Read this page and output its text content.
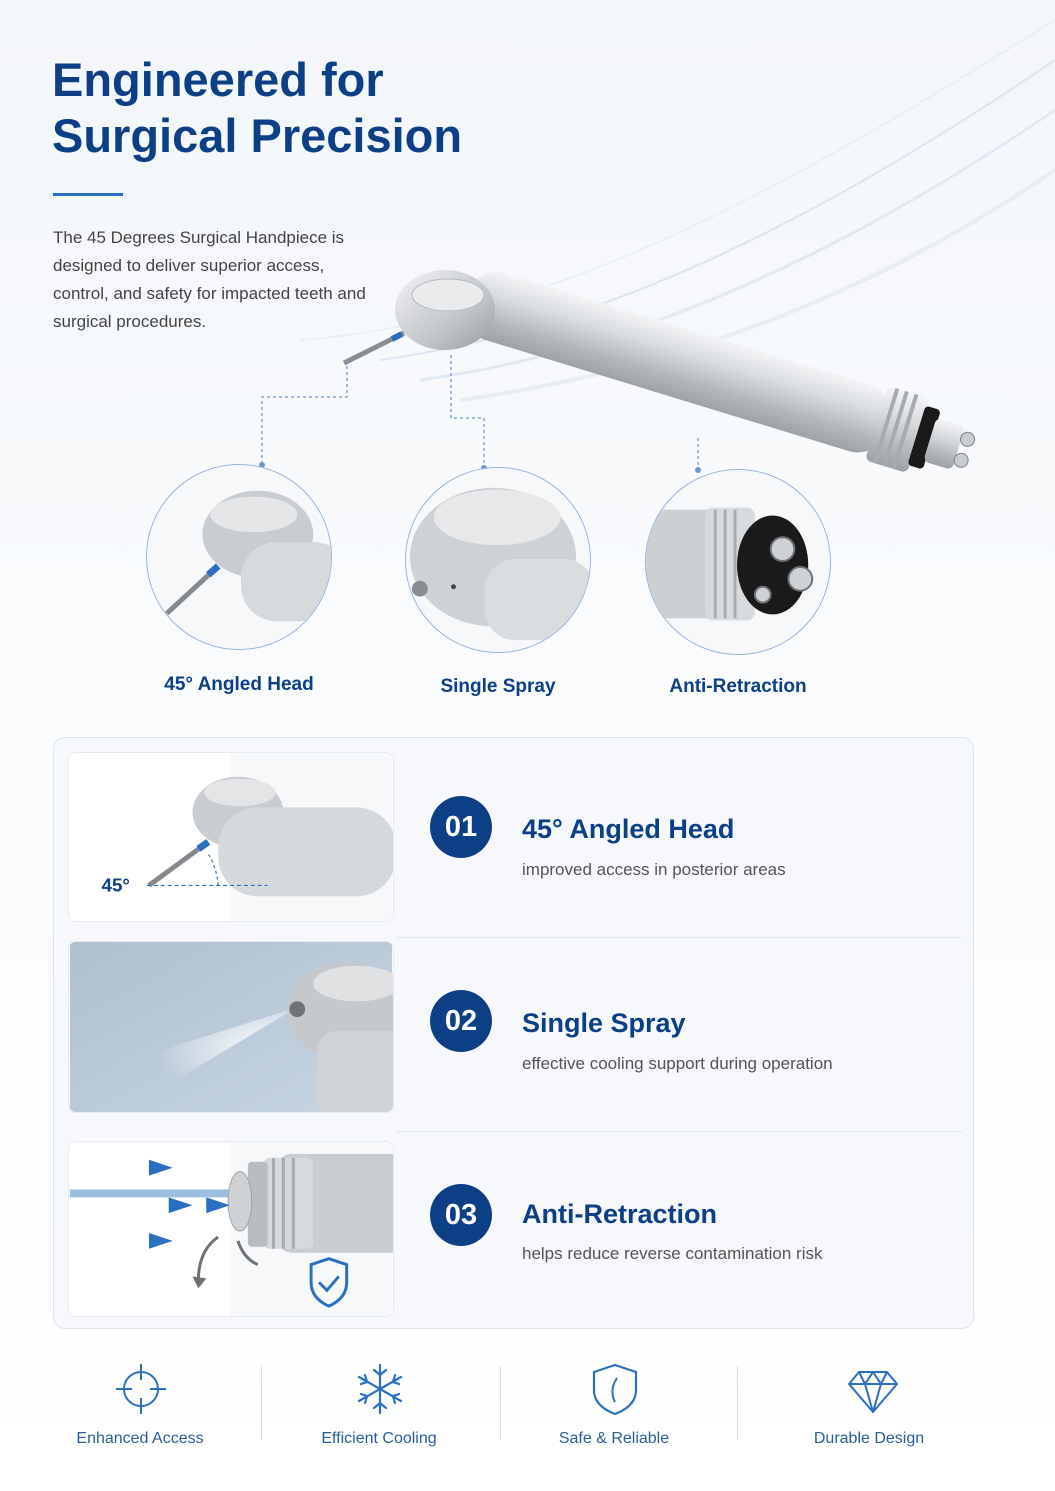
Engineered for
Surgical Precision

The 45 Degrees Surgical Handpiece is designed to deliver superior access, control, and safety for impacted teeth and surgical procedures.

45° Angled Head	Single Spray	Anti-Retraction
45°
01	45° Angled Head
improved access in posterior areas
02	Single Spray
effective cooling support during operation
03	Anti-Retraction
helps reduce reverse contamination risk
Enhanced Access	Efficient Cooling	Safe & Reliable	Durable Design
